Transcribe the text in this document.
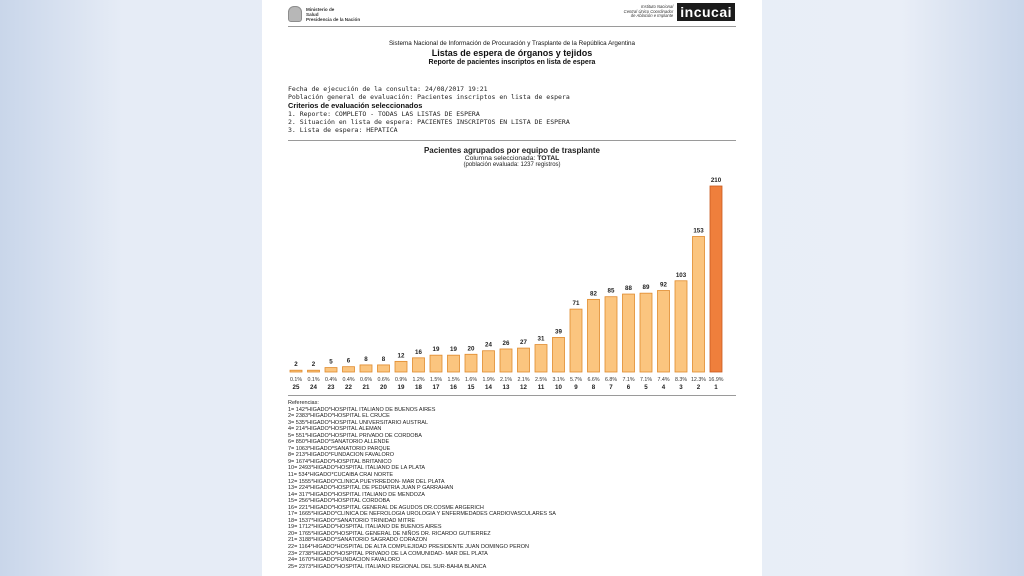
Ministerio de
Salud
Presidencia de la Nación
Instituto Nacional
Central Único Coordinador
de Ablación e Implante incucai
Sistema Nacional de Información de Procuración y Trasplante de la República Argentina
Listas de espera de órganos y tejidos
Reporte de pacientes inscriptos en lista de espera
Fecha de ejecución de la consulta: 24/08/2017 19:21
Población general de evaluación: Pacientes inscriptos en lista de espera
Criterios de evaluación seleccionados
1. Reporte: COMPLETO - TODAS LAS LISTAS DE ESPERA
2. Situación en lista de espera: PACIENTES INSCRIPTOS EN LISTA DE ESPERA
3. Lista de espera: HEPATICA
Pacientes agrupados por equipo de trasplante
Columna seleccionada: TOTAL
(población evaluada: 1237 registros)
2
0.1%
25
2
0.1%
24
5
0.4%
23
6
0.4%
22
8
0.6%
21
8
0.6%
20
12
0.9%
19
16
1.2%
18
19
1.5%
17
19
1.5%
16
20
1.6%
15
24
1.9%
14
26
2.1%
13
27
2.1%
12
31
2.5%
11
39
3.1%
10
71
5.7%
9
82
6.6%
8
85
6.8%
7
88
7.1%
6
89
7.1%
5
92
7.4%
4
103
8.3%
3
153
12.3%
2
210
16.9%
1
Referencias:
1= 142*HIGADO*HOSPITAL ITALIANO DE BUENOS AIRES
2= 2383*HIGADO*HOSPITAL EL CRUCE
3= 535*HIGADO*HOSPITAL UNIVERSITARIO AUSTRAL
4= 214*HIGADO*HOSPITAL ALEMAN
5= 551*HIGADO*HOSPITAL PRIVADO DE CORDOBA
6= 850*HIGADO*SANATORIO ALLENDE
7= 1063*HIGADO*SANATORIO PARQUE
8= 213*HIGADO*FUNDACION FAVALORO
9= 1674*HIGADO*HOSPITAL BRITANICO
10= 2493*HIGADO*HOSPITAL ITALIANO DE LA PLATA
11= 534*HIGADO*CUCAIBA CRAI NORTE
12= 1555*HIGADO*CLINICA PUEYRREDON- MAR DEL PLATA
13= 224*HIGADO*HOSPITAL DE PEDIATRIA JUAN P GARRAHAN
14= 317*HIGADO*HOSPITAL ITALIANO DE MENDOZA
15= 256*HIGADO*HOSPITAL CORDOBA
16= 221*HIGADO*HOSPITAL GENERAL DE AGUDOS DR.COSME ARGERICH
17= 1665*HIGADO*CLINICA DE NEFROLOGIA UROLOGIA Y ENFERMEDADES CARDIOVASCULARES SA
18= 1537*HIGADO*SANATORIO TRINIDAD MITRE
19= 1712*HIGADO*HOSPITAL ITALIANO DE BUENOS AIRES
20= 1765*HIGADO*HOSPITAL GENERAL DE NIÑOS DR. RICARDO GUTIERREZ
21= 3188*HIGADO*SANATORIO SAGRADO CORAZON
22= 1164*HIGADO*HOSPITAL DE ALTA COMPLEJIDAD PRESIDENTE JUAN DOMINGO PERON
23= 2738*HIGADO*HOSPITAL PRIVADO DE LA COMUNIDAD- MAR DEL PLATA
24= 1670*HIGADO*FUNDACION FAVALORO
25= 2373*HIGADO*HOSPITAL ITALIANO REGIONAL DEL SUR-BAHIA BLANCA
